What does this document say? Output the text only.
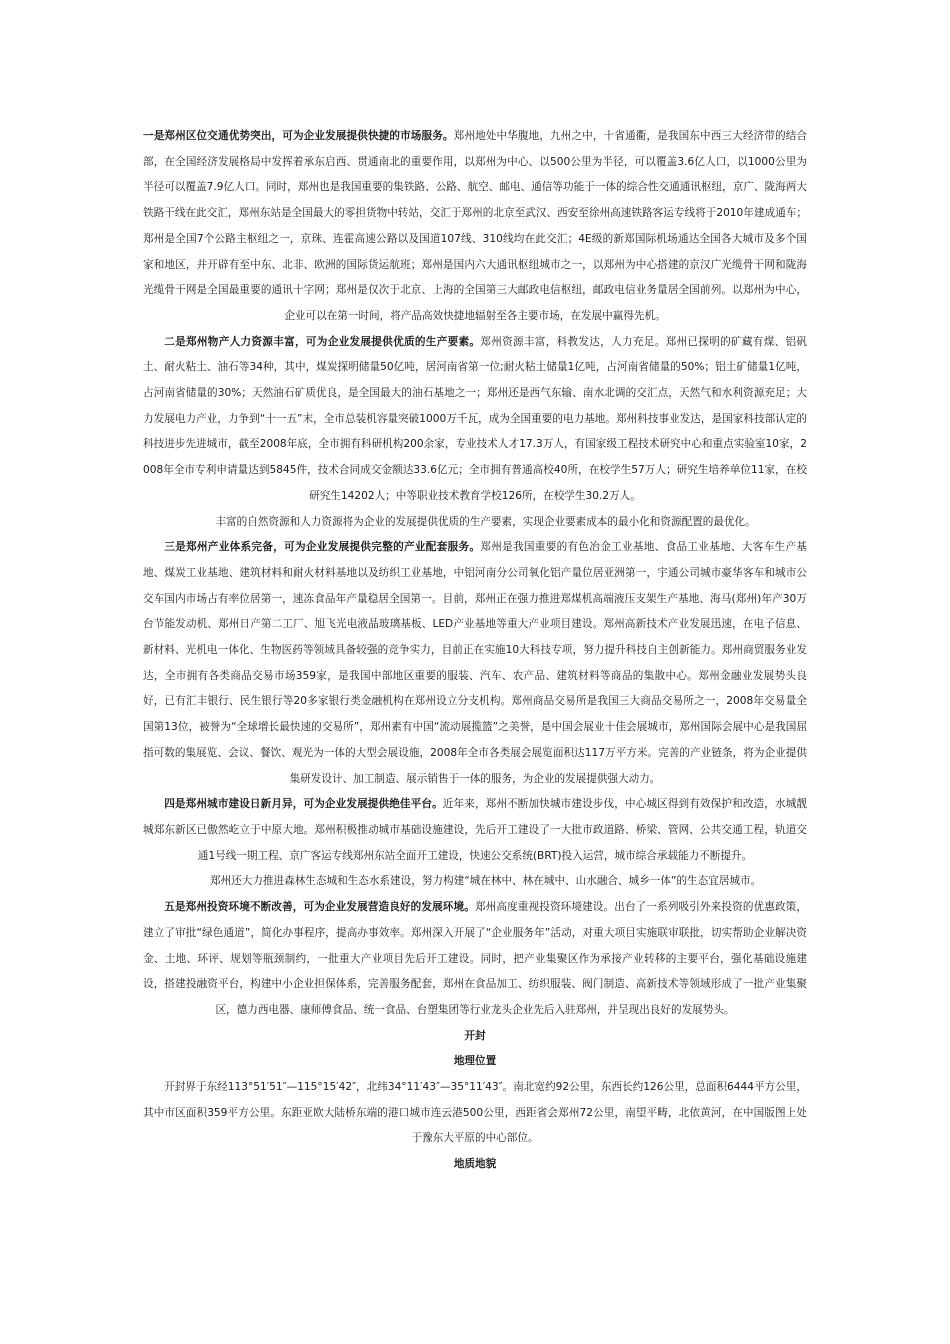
一是郑州区位交通优势突出，可为企业发展提供快捷的市场服务。郑州地处中华腹地，九州之中，十省通衢，是我国东中西三大经济带的结合部，在全国经济发展格局中发挥着承东启西、贯通南北的重要作用，以郑州为中心、以500公里为半径，可以覆盖3.6亿人口，以1000公里为半径可以覆盖7.9亿人口。同时，郑州也是我国重要的集铁路、公路、航空、邮电、通信等功能于一体的综合性交通通讯枢纽，京广、陇海两大铁路干线在此交汇，郑州东站是全国最大的零担货物中转站，交汇于郑州的北京至武汉、西安至徐州高速铁路客运专线将于2010年建成通车；郑州是全国7个公路主枢纽之一，京珠、连霍高速公路以及国道107线、310线均在此交汇；4E级的新郑国际机场通达全国各大城市及多个国家和地区，并开辟有至中东、北非、欧洲的国际货运航班；郑州是国内六大通讯枢纽城市之一，以郑州为中心搭建的京汉广光缆骨干网和陇海光缆骨干网是全国最重要的通讯十字网；郑州是仅次于北京、上海的全国第三大邮政电信枢纽，邮政电信业务量居全国前列。以郑州为中心，企业可以在第一时间，将产品高效快捷地辐射至各主要市场，在发展中赢得先机。

二是郑州物产人力资源丰富，可为企业发展提供优质的生产要素。郑州资源丰富，科教发达，人力充足。郑州已探明的矿藏有煤、铝矾土、耐火粘土、油石等34种，其中，煤炭探明储量50亿吨，居河南省第一位;耐火粘土储量1亿吨，占河南省储量的50%；铝土矿储量1亿吨，占河南省储量的30%；天然油石矿质优良，是全国最大的油石基地之一；郑州还是西气东输、南水北调的交汇点，天然气和水利资源充足；大力发展电力产业，力争到“十一五”末，全市总装机容量突破1000万千瓦，成为全国重要的电力基地。郑州科技事业发达，是国家科技部认定的科技进步先进城市，截至2008年底，全市拥有科研机构200余家，专业技术人才17.3万人，有国家级工程技术研究中心和重点实验室10家，2008年全市专利申请量达到5845件，技术合同成交金额达33.6亿元；全市拥有普通高校40所，在校学生57万人；研究生培养单位11家，在校研究生14202人；中等职业技术教育学校126所，在校学生30.2万人。

丰富的自然资源和人力资源将为企业的发展提供优质的生产要素，实现企业要素成本的最小化和资源配置的最优化。

三是郑州产业体系完备，可为企业发展提供完整的产业配套服务。郑州是我国重要的有色冶金工业基地、食品工业基地、大客车生产基地、煤炭工业基地、建筑材料和耐火材料基地以及纺织工业基地，中铝河南分公司氧化铝产量位居亚洲第一，宇通公司城市豪华客车和城市公交车国内市场占有率位居第一，速冻食品年产量稳居全国第一。目前，郑州正在强力推进郑煤机高端液压支架生产基地、海马(郑州)年产30万台节能发动机、郑州日产第二工厂、旭飞光电液晶玻璃基板、LED产业基地等重大产业项目建设。郑州高新技术产业发展迅速，在电子信息、新材料、光机电一体化、生物医药等领域具备较强的竞争实力，目前正在实施10大科技专项，努力提升科技自主创新能力。郑州商贸服务业发达，全市拥有各类商品交易市场359家，是我国中部地区重要的服装、汽车、农产品、建筑材料等商品的集散中心。郑州金融业发展势头良好，已有汇丰银行、民生银行等20多家银行类金融机构在郑州设立分支机构。郑州商品交易所是我国三大商品交易所之一，2008年交易量全国第13位，被誉为“全球增长最快速的交易所”，郑州素有中国“流动展揽篮”之美誉，是中国会展业十佳会展城市，郑州国际会展中心是我国屈指可数的集展览、会议、餐饮、观光为一体的大型会展设施，2008年全市各类展会展览面积达117万平方米。完善的产业链条，将为企业提供集研发设计、加工制造、展示销售于一体的服务，为企业的发展提供强大动力。

四是郑州城市建设日新月异，可为企业发展提供绝佳平台。近年来，郑州不断加快城市建设步伐，中心城区得到有效保护和改造，水城靓城郑东新区已傲然屹立于中原大地。郑州积极推动城市基础设施建设，先后开工建设了一大批市政道路、桥梁、管网、公共交通工程，轨道交通1号线一期工程、京广客运专线郑州东站全面开工建设，快速公交系统(BRT)投入运营，城市综合承载能力不断提升。

郑州还大力推进森林生态城和生态水系建设，努力构建“城在林中、林在城中、山水融合、城乡一体”的生态宜居城市。

五是郑州投资环境不断改善，可为企业发展营造良好的发展环境。郑州高度重视投资环境建设。出台了一系列吸引外来投资的优惠政策，建立了审批“绿色通道”，简化办事程序，提高办事效率。郑州深入开展了“企业服务年”活动，对重大项目实施联审联批，切实帮助企业解决资金、土地、环评、规划等瓶颈制约，一批重大产业项目先后开工建设。同时，把产业集聚区作为承接产业转移的主要平台，强化基础设施建设，搭建投融资平台，构建中小企业担保体系，完善服务配套，郑州在食品加工、纺织服装、阀门制造、高新技术等领域形成了一批产业集聚区，德力西电器、康师傅食品、统一食品、台塑集团等行业龙头企业先后入驻郑州，并呈现出良好的发展势头。

开封

地理位置

开封界于东经113°51′51″—115°15′42″，北纬34°11′43″—35°11′43″。南北宽约92公里，东西长约126公里，总面积6444平方公里，其中市区面积359平方公里。东距亚欧大陆桥东端的港口城市连云港500公里，西距省会郑州72公里，南望平畴，北依黄河，在中国版图上处于豫东大平原的中心部位。

地质地貌
